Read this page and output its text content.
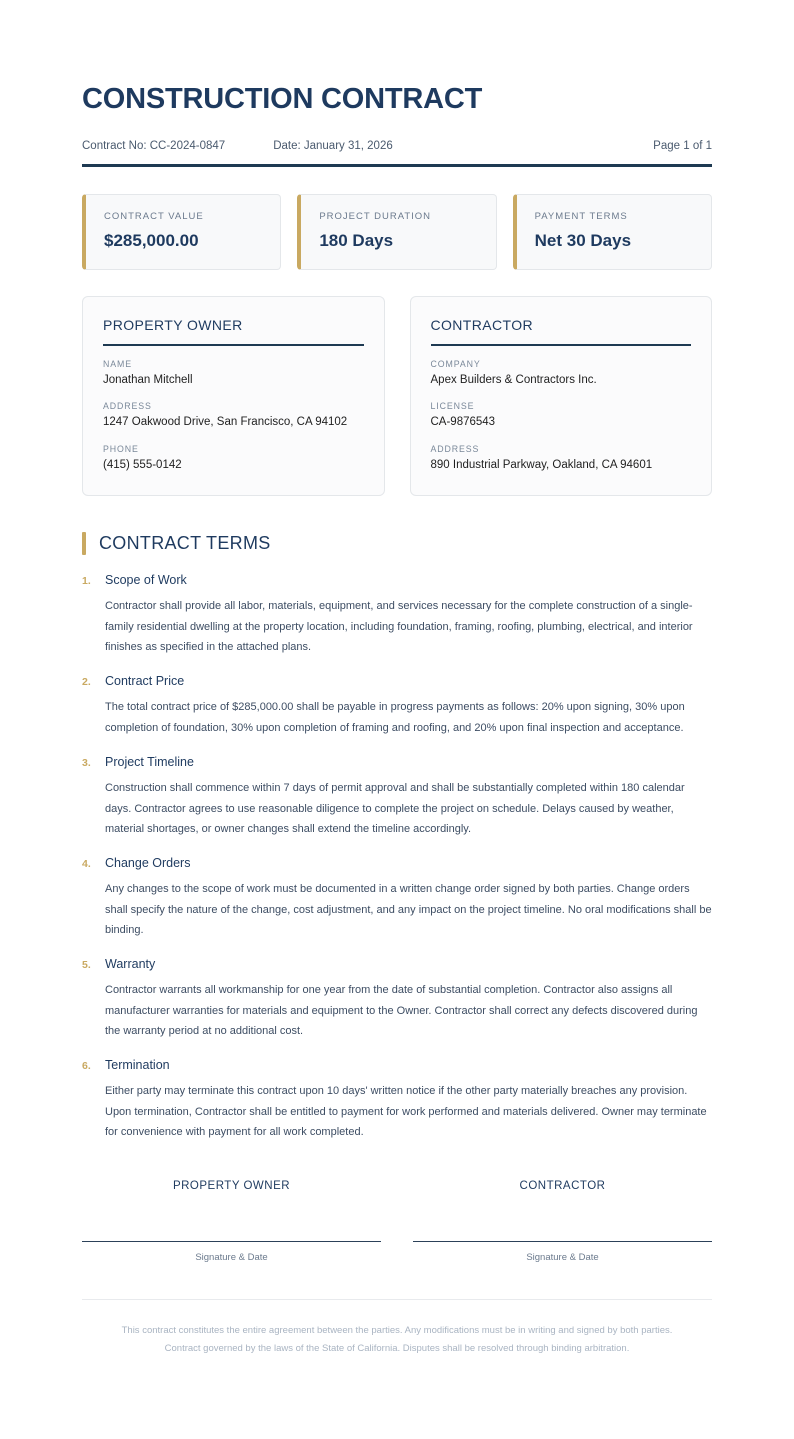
CONSTRUCTION CONTRACT
Contract No: CC-2024-0847	Date: January 31, 2026	Page 1 of 1
CONTRACT VALUE
$285,000.00
PROJECT DURATION
180 Days
PAYMENT TERMS
Net 30 Days
PROPERTY OWNER
NAME
Jonathan Mitchell
ADDRESS
1247 Oakwood Drive, San Francisco, CA 94102
PHONE
(415) 555-0142
CONTRACTOR
COMPANY
Apex Builders & Contractors Inc.
LICENSE
CA-9876543
ADDRESS
890 Industrial Parkway, Oakland, CA 94601
CONTRACT TERMS
1.	Scope of Work
Contractor shall provide all labor, materials, equipment, and services necessary for the complete construction of a single-family residential dwelling at the property location, including foundation, framing, roofing, plumbing, electrical, and interior finishes as specified in the attached plans.
2.	Contract Price
The total contract price of $285,000.00 shall be payable in progress payments as follows: 20% upon signing, 30% upon completion of foundation, 30% upon completion of framing and roofing, and 20% upon final inspection and acceptance.
3.	Project Timeline
Construction shall commence within 7 days of permit approval and shall be substantially completed within 180 calendar days. Contractor agrees to use reasonable diligence to complete the project on schedule. Delays caused by weather, material shortages, or owner changes shall extend the timeline accordingly.
4.	Change Orders
Any changes to the scope of work must be documented in a written change order signed by both parties. Change orders shall specify the nature of the change, cost adjustment, and any impact on the project timeline. No oral modifications shall be binding.
5.	Warranty
Contractor warrants all workmanship for one year from the date of substantial completion. Contractor also assigns all manufacturer warranties for materials and equipment to the Owner. Contractor shall correct any defects discovered during the warranty period at no additional cost.
6.	Termination
Either party may terminate this contract upon 10 days' written notice if the other party materially breaches any provision. Upon termination, Contractor shall be entitled to payment for work performed and materials delivered. Owner may terminate for convenience with payment for all work completed.
PROPERTY OWNER
Signature & Date
CONTRACTOR
Signature & Date
This contract constitutes the entire agreement between the parties. Any modifications must be in writing and signed by both parties.
Contract governed by the laws of the State of California. Disputes shall be resolved through binding arbitration.
